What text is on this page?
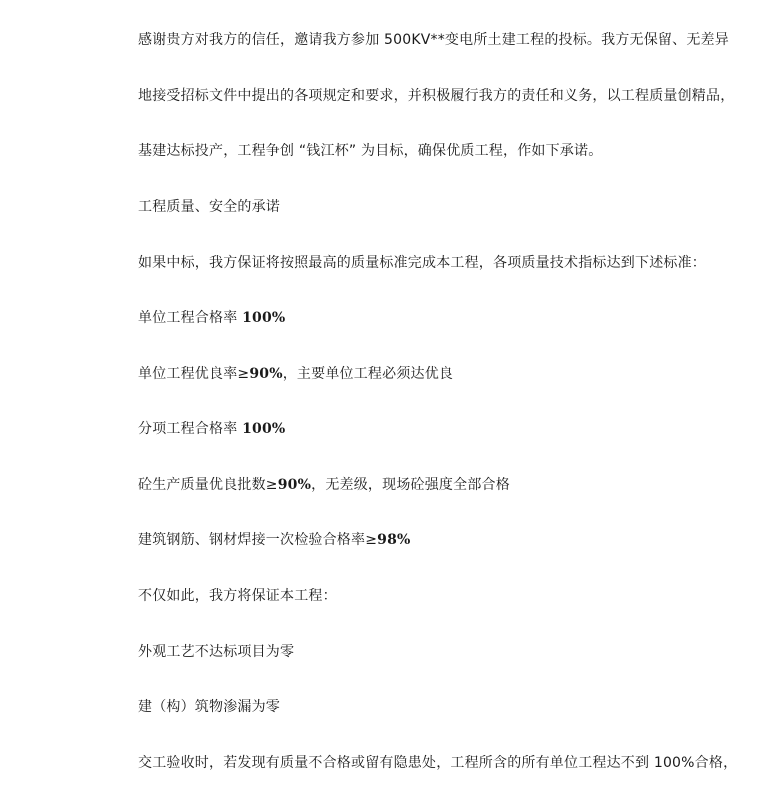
感谢贵方对我方的信任，邀请我方参加 500KV**变电所土建工程的投标。我方无保留、无差异
地接受招标文件中提出的各项规定和要求，并积极履行我方的责任和义务，以工程质量创精品，
基建达标投产，工程争创 “钱江杯” 为目标，确保优质工程，作如下承诺。
工程质量、安全的承诺
如果中标，我方保证将按照最高的质量标准完成本工程，各项质量技术指标达到下述标准：
单位工程合格率 100%
单位工程优良率≥90%，主要单位工程必须达优良
分项工程合格率 100%
砼生产质量优良批数≥90%，无差级，现场砼强度全部合格
建筑钢筋、钢材焊接一次检验合格率≥98%
不仅如此，我方将保证本工程：
外观工艺不达标项目为零
建（构）筑物渗漏为零
交工验收时，若发现有质量不合格或留有隐患处，工程所含的所有单位工程达不到 100%合格，
